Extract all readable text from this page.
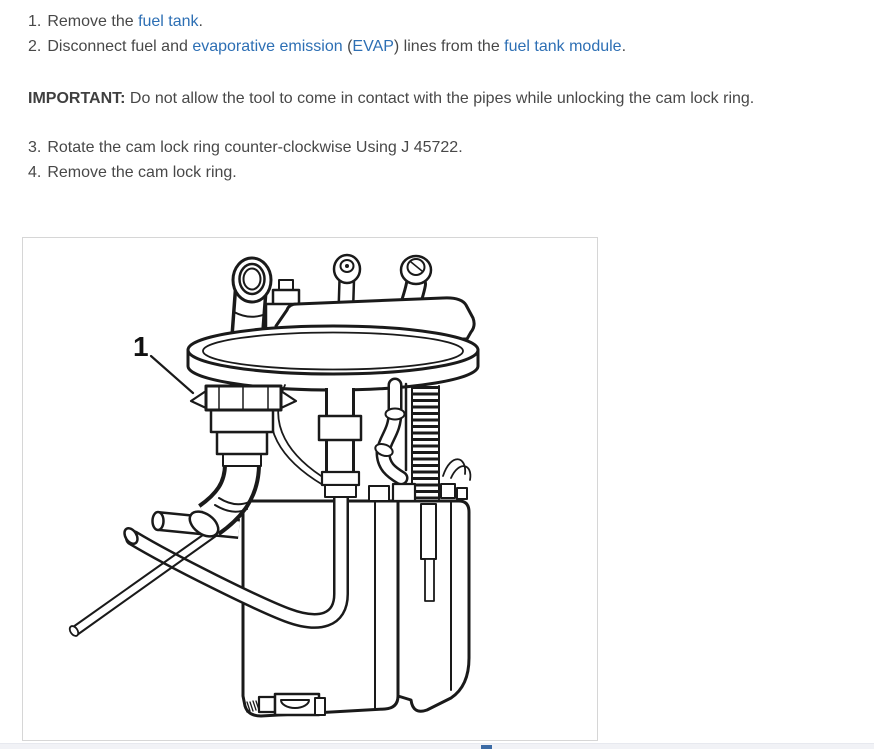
1. Remove the fuel tank.
2. Disconnect fuel and evaporative emission (EVAP) lines from the fuel tank module.
IMPORTANT: Do not allow the tool to come in contact with the pipes while unlocking the cam lock ring.
3. Rotate the cam lock ring counter-clockwise Using J 45722.
4. Remove the cam lock ring.
1
